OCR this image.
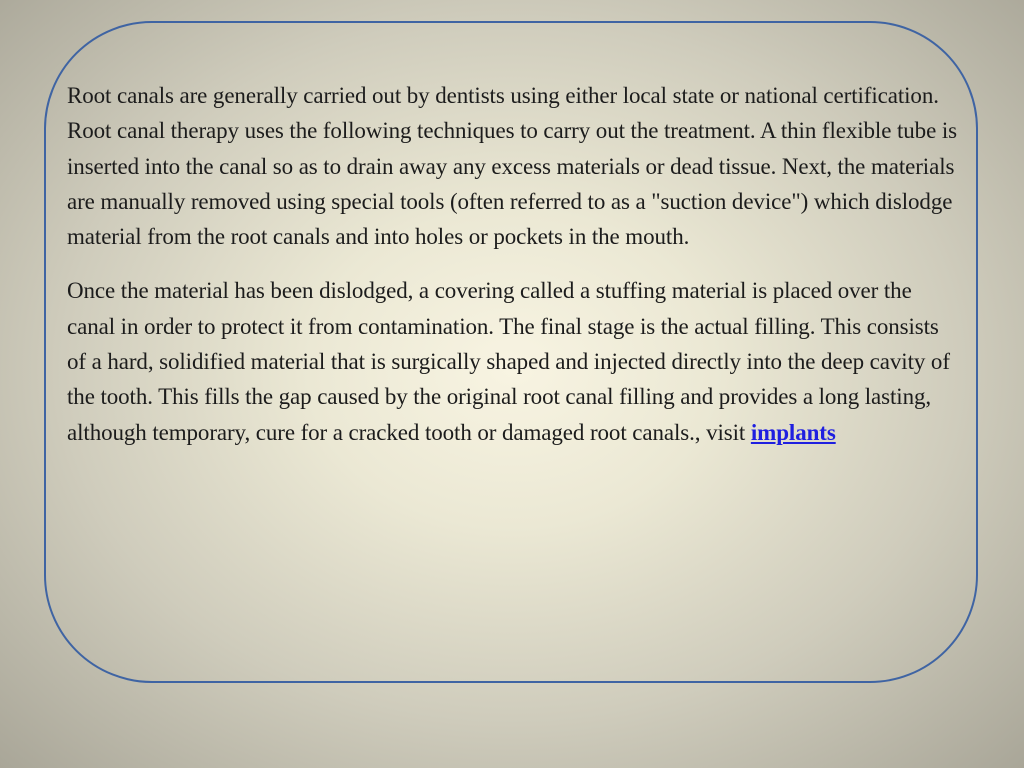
Root canals are generally carried out by dentists using either local state or national certification. Root canal therapy uses the following techniques to carry out the treatment. A thin flexible tube is inserted into the canal so as to drain away any excess materials or dead tissue. Next, the materials are manually removed using special tools (often referred to as a "suction device") which dislodge material from the root canals and into holes or pockets in the mouth.

Once the material has been dislodged, a covering called a stuffing material is placed over the canal in order to protect it from contamination. The final stage is the actual filling. This consists of a hard, solidified material that is surgically shaped and injected directly into the deep cavity of the tooth. This fills the gap caused by the original root canal filling and provides a long lasting, although temporary, cure for a cracked tooth or damaged root canals., visit implants
